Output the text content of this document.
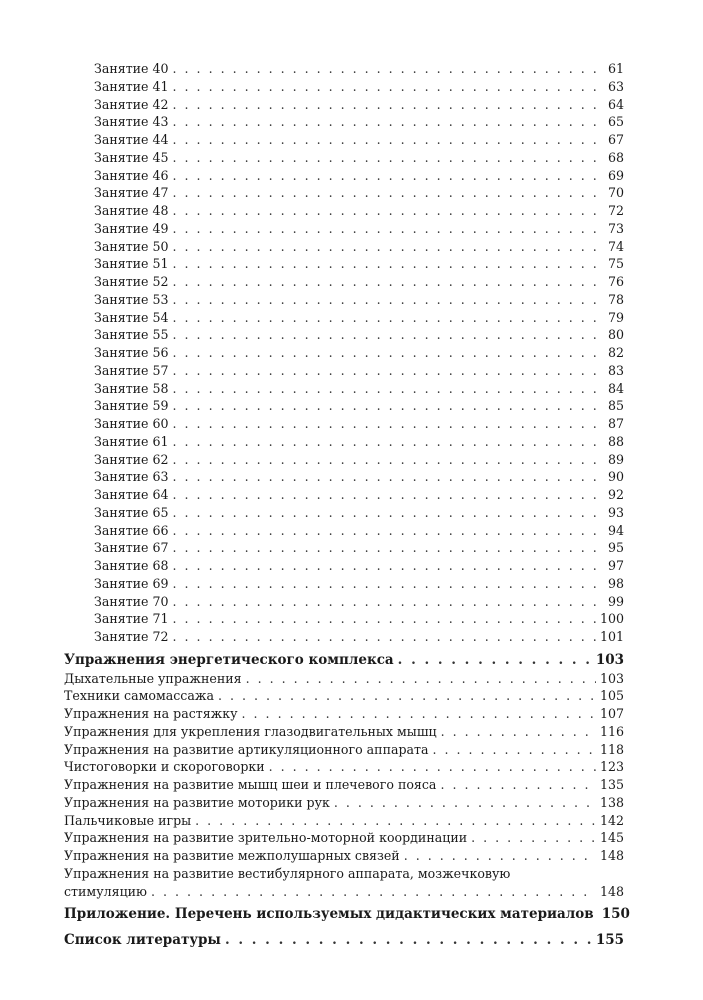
Занятие 40 . . .	61
Занятие 41 . . .	63
Занятие 42 . . .	64
Занятие 43 . . .	65
Занятие 44 . . .	67
Занятие 45 . . .	68
Занятие 46 . . .	69
Занятие 47 . . .	70
Занятие 48 . . .	72
Занятие 49 . . .	73
Занятие 50 . . .	74
Занятие 51 . . .	75
Занятие 52 . . .	76
Занятие 53 . . .	78
Занятие 54 . . .	79
Занятие 55 . . .	80
Занятие 56 . . .	82
Занятие 57 . . .	83
Занятие 58 . . .	84
Занятие 59 . . .	85
Занятие 60 . . .	87
Занятие 61 . . .	88
Занятие 62 . . .	89
Занятие 63 . . .	90
Занятие 64 . . .	92
Занятие 65 . . .	93
Занятие 66 . . .	94
Занятие 67 . . .	95
Занятие 68 . . .	97
Занятие 69 . . .	98
Занятие 70 . . .	99
Занятие 71 . . .	100
Занятие 72 . . .	101
Упражнения энергетического комплекса . . .	103
Дыхательные упражнения . . .	103
Техники самомассажа . . .	105
Упражнения на растяжку . . .	107
Упражнения для укрепления глазодвигательных мышц . . .	116
Упражнения на развитие артикуляционного аппарата . . .	118
Чистоговорки и скороговорки . . .	123
Упражнения на развитие мышц шеи и плечевого пояса . . .	135
Упражнения на развитие моторики рук . . .	138
Пальчиковые игры . . .	142
Упражнения на развитие зрительно-моторной координации . . .	145
Упражнения на развитие межполушарных связей . . .	148
Упражнения на развитие вестибулярного аппарата, мозжечковую
стимуляцию . . .	148
Приложение. Перечень используемых дидактических материалов 150
Список литературы . . .	155
